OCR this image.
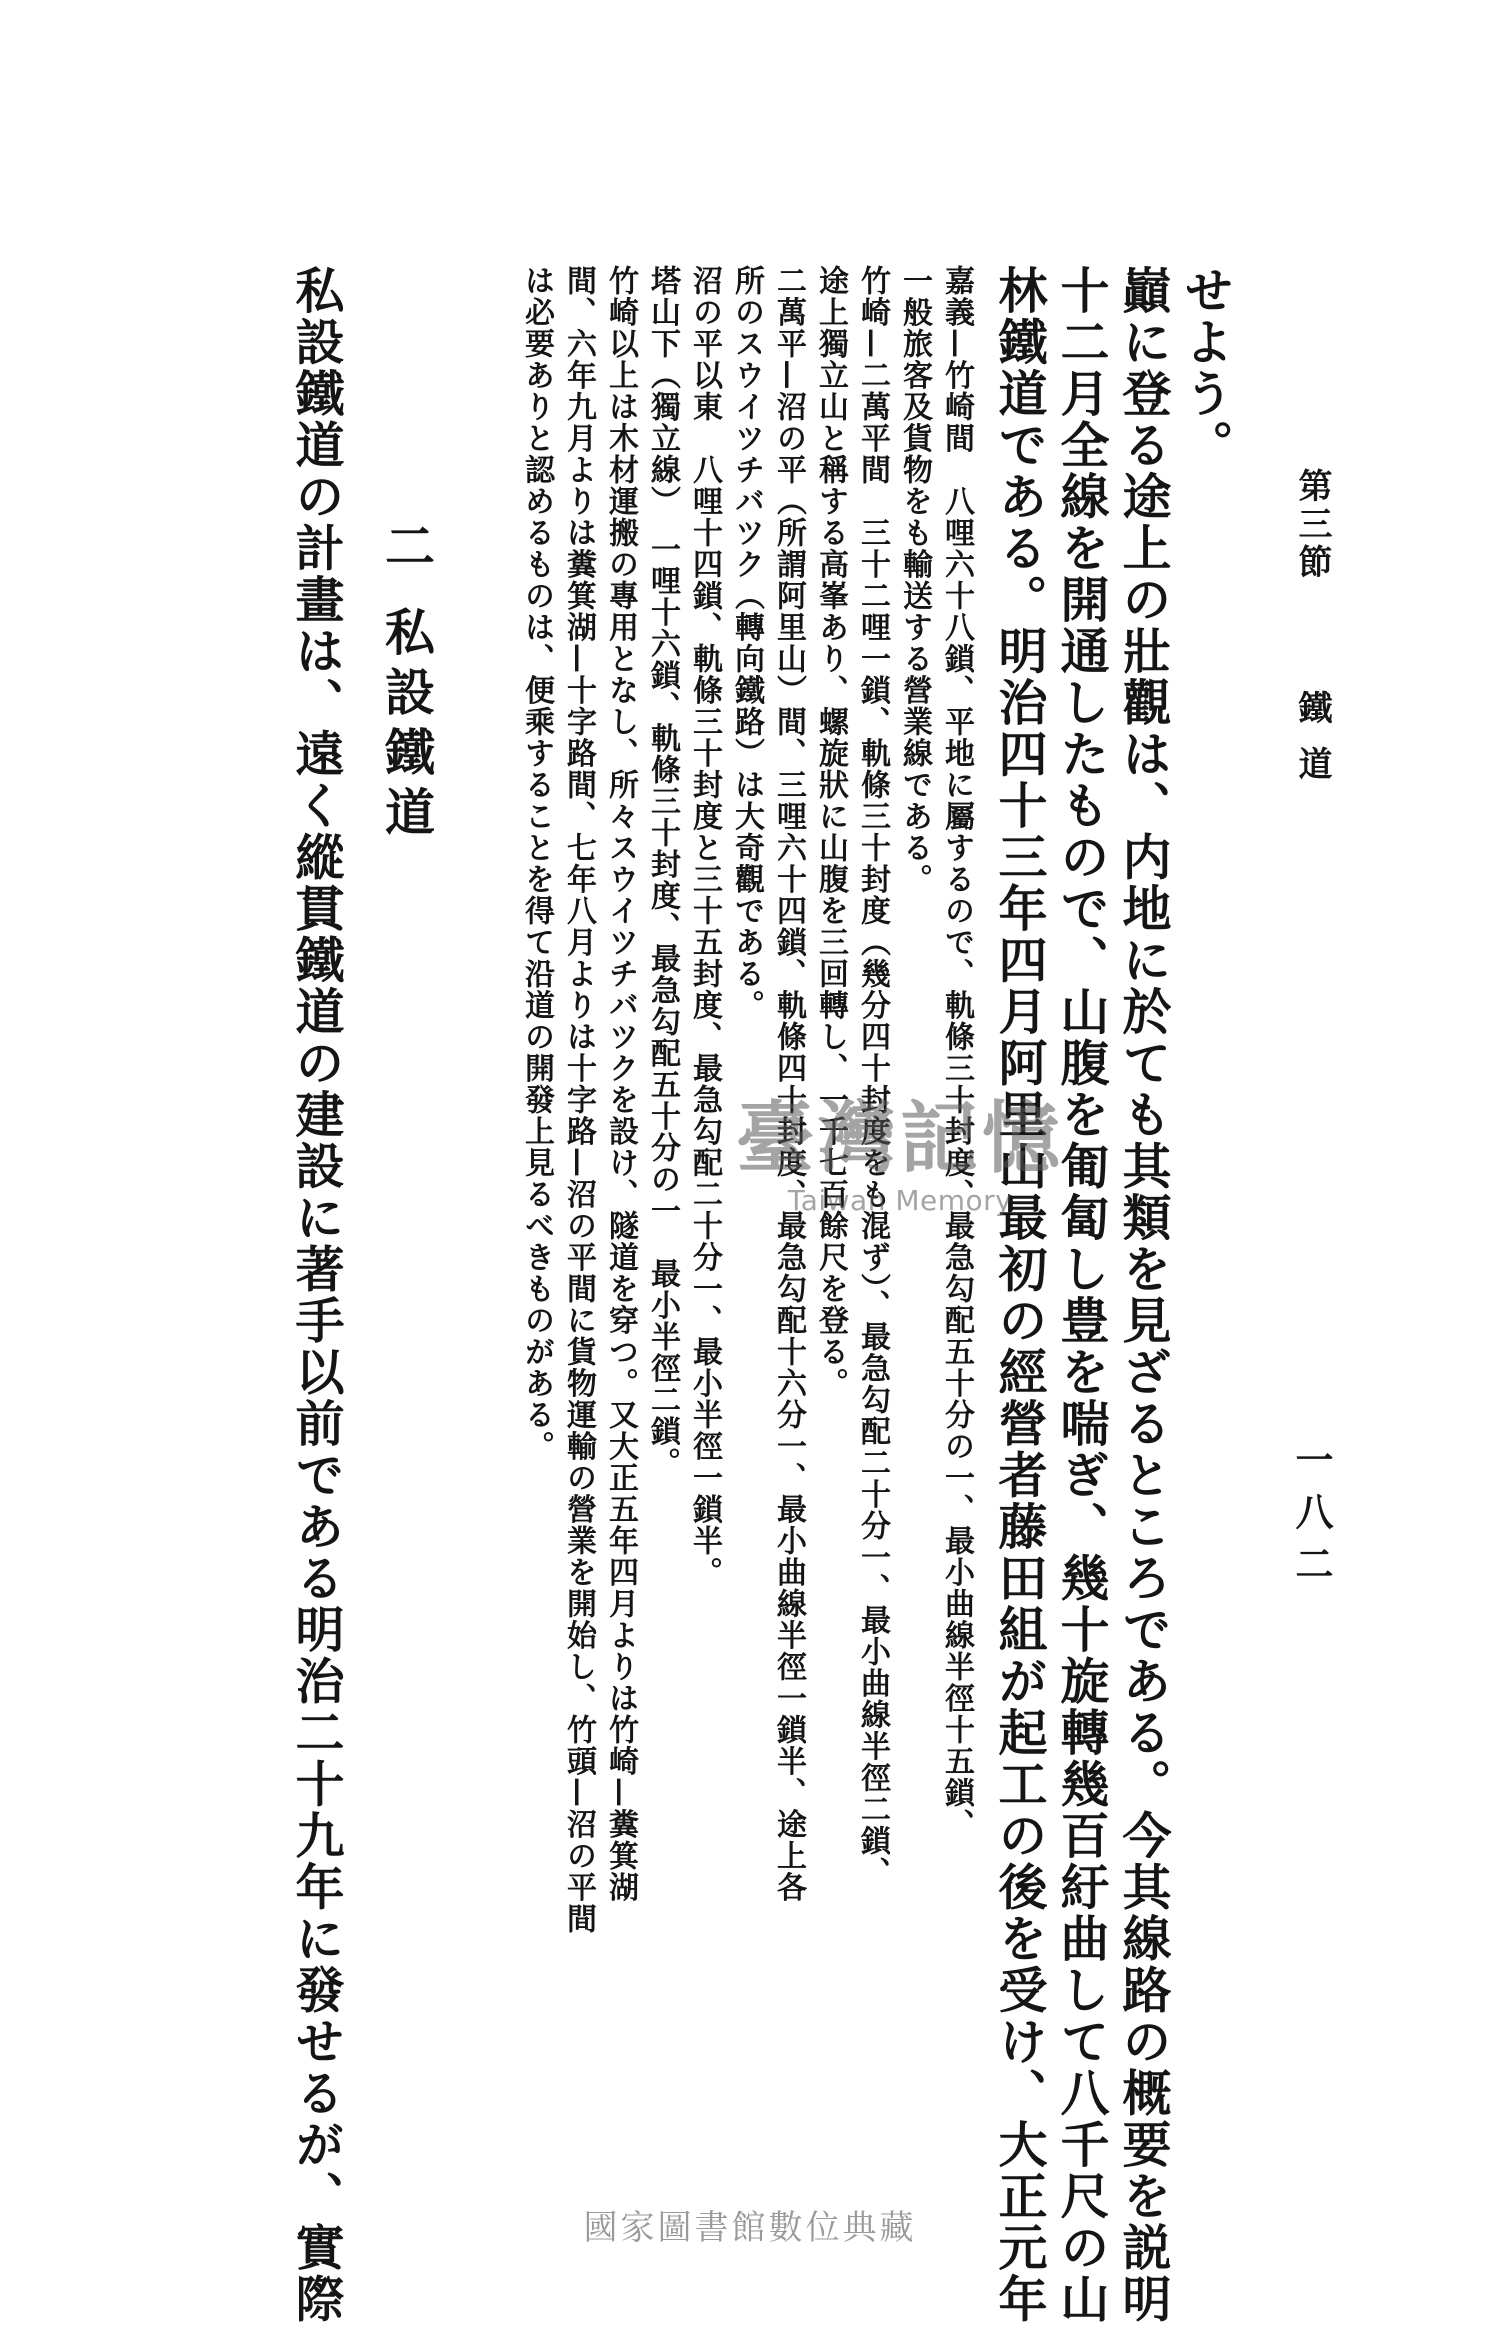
第三節
鐵道
一八二
せよう。
巓に登る途上の壯觀は、内地に於ても其類を見ざるところである。今其線路の概要を説明
十二月全線を開通したもので、山腹を匍匐し豊を喘ぎ、幾十旋轉幾百紆曲して八千尺の山
林鐵道である。明治四十三年四月阿里山最初の經營者藤田組が起工の後を受け、大正元年
嘉義—竹崎間　八哩六十八鎖、平地に屬するので、軌條三十封度、最急勾配五十分の一、最小曲線半徑十五鎖、
一般旅客及貨物をも輸送する營業線である。
竹崎—二萬平間　三十二哩一鎖、軌條三十封度（幾分四十封度をも混ず）、最急勾配二十分一、最小曲線半徑二鎖、
途上獨立山と稱する高峯あり、螺旋狀に山腹を三回轉し、一千七百餘尺を登る。
二萬平—沼の平（所謂阿里山）間、三哩六十四鎖、軌條四十封度、最急勾配十六分一、最小曲線半徑一鎖半、途上各
所のスウイツチバツク（轉向鐵路）は大奇觀である。
沼の平以東　八哩十四鎖、軌條三十封度と三十五封度、最急勾配二十分一、最小半徑一鎖半。
塔山下（獨立線）　一哩十六鎖、軌條三十封度、最急勾配五十分の一　最小半徑二鎖。
竹崎以上は木材運搬の專用となし、所々スウイツチバツクを設け、隧道を穿つ。又大正五年四月よりは竹崎—糞箕湖
間、六年九月よりは糞箕湖—十字路間、七年八月よりは十字路—沼の平間に貨物運輸の營業を開始し、竹頭—沼の平間
は必要ありと認めるものは、便乘することを得て沿道の開發上見るべきものがある。
二私設鐵道
私設鐵道の計畫は、遠く縱貫鐵道の建設に著手以前である明治二十九年に發せるが、實際	臺灣記憶
Taiwan Memory
國家圖書館數位典藏
